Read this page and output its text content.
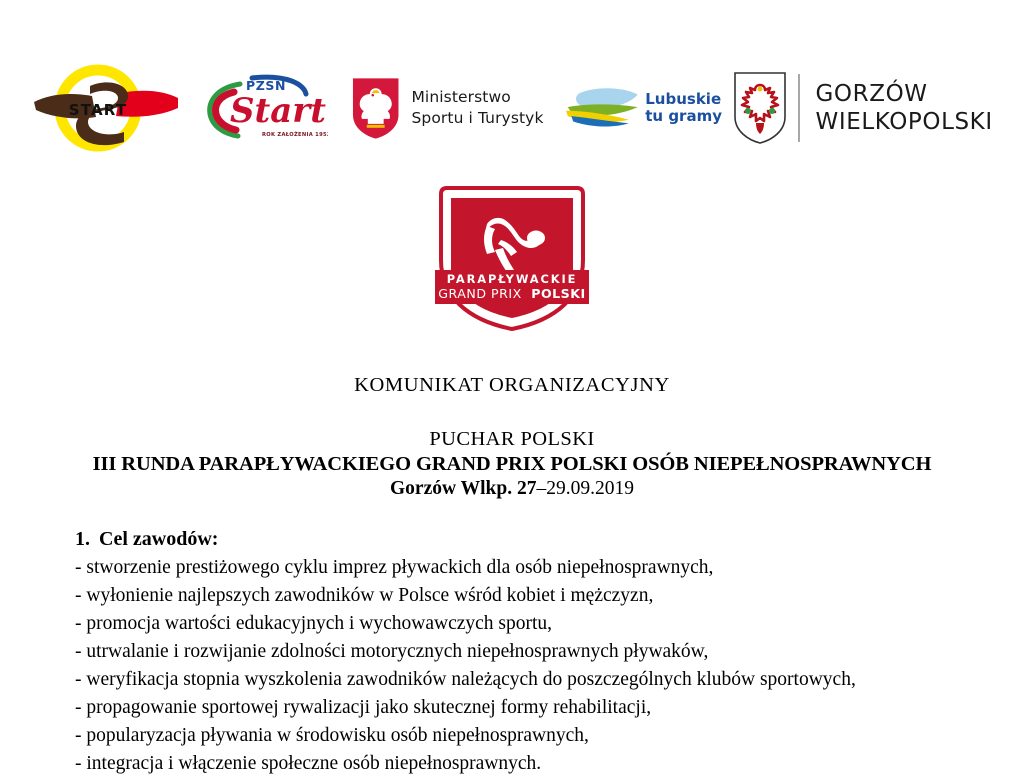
START
PZSN
Start
ROK ZAŁOŻENIA 1952
Ministerstwo
Sportu i Turystyk
Lubuskie
tu gramy
GORZÓW
WIELKOPOLSKI
PARAPŁYWACKIE
GRAND PRIX POLSKI
KOMUNIKAT ORGANIZACYJNY
PUCHAR POLSKI
III RUNDA PARAPŁYWACKIEGO GRAND PRIX POLSKI OSÓB NIEPEŁNOSPRAWNYCH
Gorzów Wlkp. 27–29.09.2019
1. Cel zawodów:
- stworzenie prestiżowego cyklu imprez pływackich dla osób niepełnosprawnych,
- wyłonienie najlepszych zawodników w Polsce wśród kobiet i mężczyzn,
- promocja wartości edukacyjnych i wychowawczych sportu,
- utrwalanie i rozwijanie zdolności motorycznych niepełnosprawnych pływaków,
- weryfikacja stopnia wyszkolenia zawodników należących do poszczególnych klubów sportowych,
- propagowanie sportowej rywalizacji jako skutecznej formy rehabilitacji,
- popularyzacja pływania w środowisku osób niepełnosprawnych,
- integracja i włączenie społeczne osób niepełnosprawnych.
